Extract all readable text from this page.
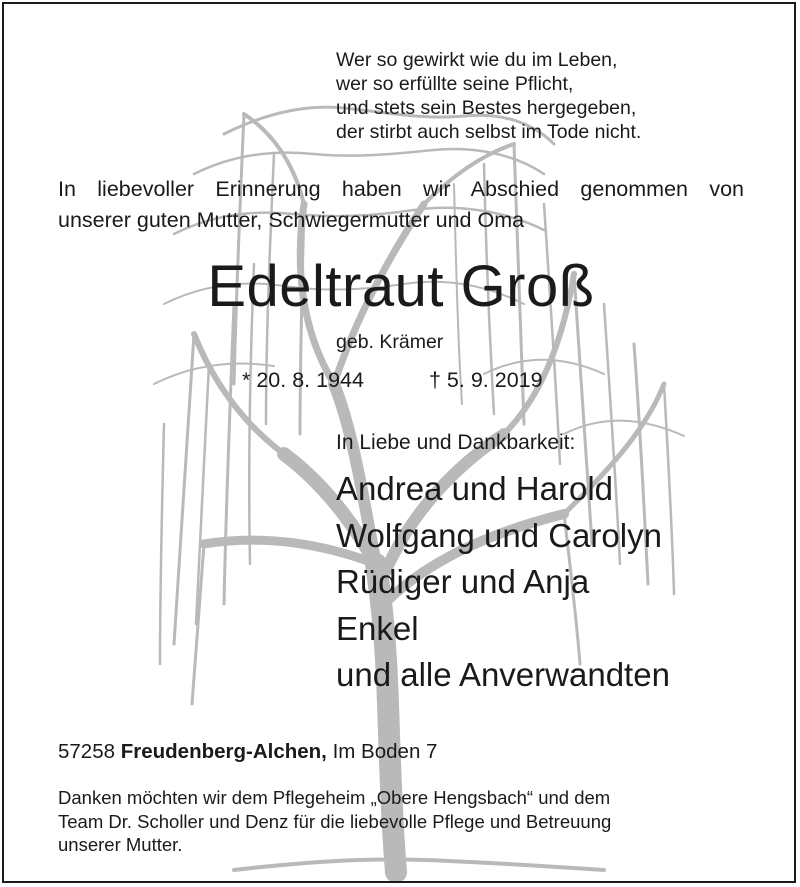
Wer so gewirkt wie du im Leben,
wer so erfüllte seine Pflicht,
und stets sein Bestes hergegeben,
der stirbt auch selbst im Tode nicht.
In liebevoller Erinnerung haben wir Abschied genommen von
unserer guten Mutter, Schwiegermutter und Oma
Edeltraut Groß
geb. Krämer
* 20. 8. 1944	† 5. 9. 2019
In Liebe und Dankbarkeit:
Andrea und Harold
Wolfgang und Carolyn
Rüdiger und Anja
Enkel
und alle Anverwandten
57258 Freudenberg-Alchen, Im Boden 7
Danken möchten wir dem Pflegeheim „Obere Hengsbach“ und dem
Team Dr. Scholler und Denz für die liebevolle Pflege und Betreuung
unserer Mutter.
